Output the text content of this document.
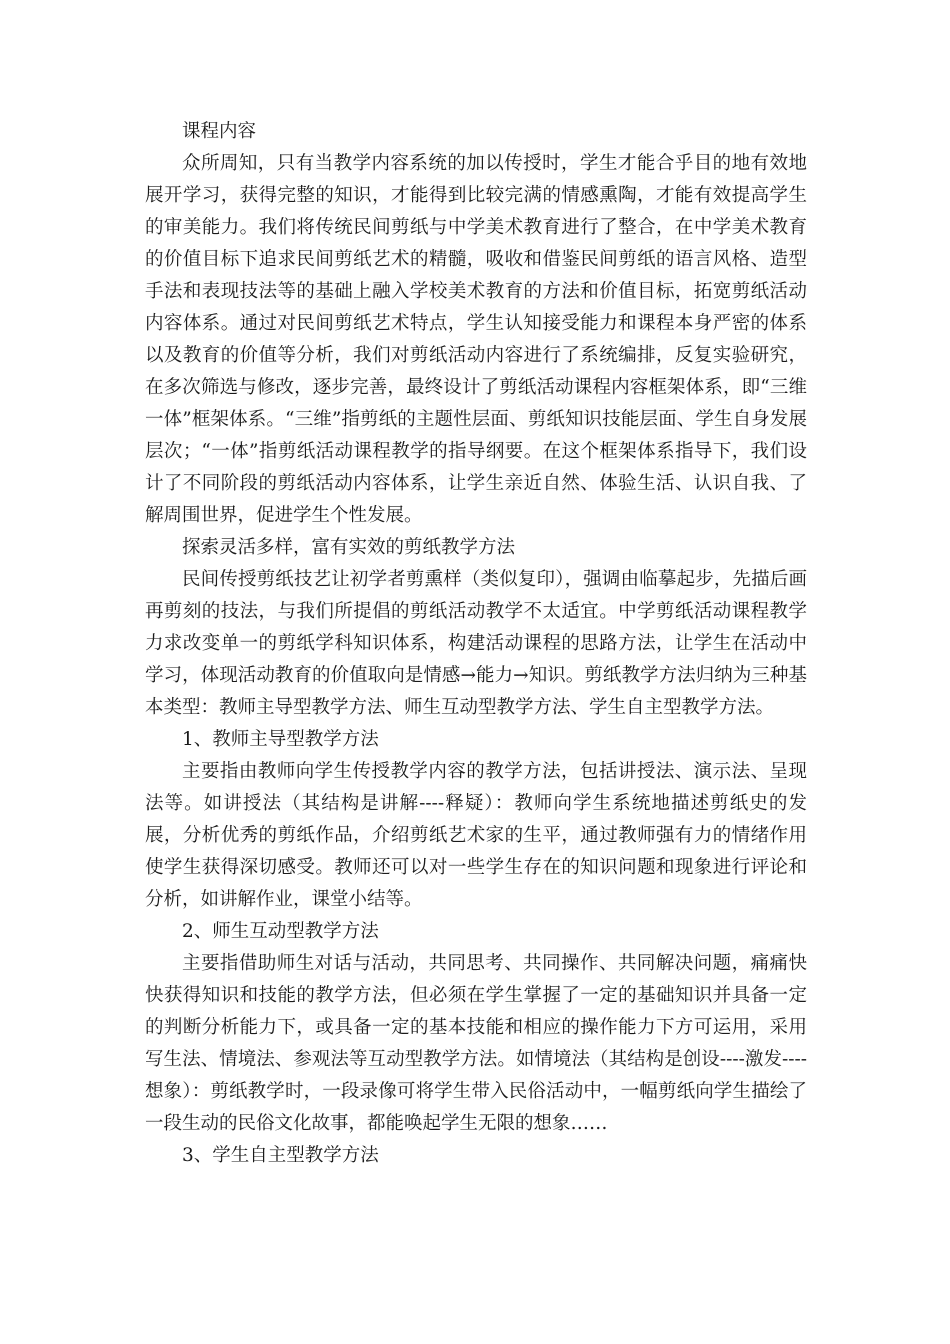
课程内容

众所周知，只有当教学内容系统的加以传授时，学生才能合乎目的地有效地展开学习，获得完整的知识，才能得到比较完满的情感熏陶，才能有效提高学生的审美能力。我们将传统民间剪纸与中学美术教育进行了整合，在中学美术教育的价值目标下追求民间剪纸艺术的精髓，吸收和借鉴民间剪纸的语言风格、造型手法和表现技法等的基础上融入学校美术教育的方法和价值目标，拓宽剪纸活动内容体系。通过对民间剪纸艺术特点，学生认知接受能力和课程本身严密的体系以及教育的价值等分析，我们对剪纸活动内容进行了系统编排，反复实验研究，在多次筛选与修改，逐步完善，最终设计了剪纸活动课程内容框架体系，即“三维一体”框架体系。“三维”指剪纸的主题性层面、剪纸知识技能层面、学生自身发展层次；“一体”指剪纸活动课程教学的指导纲要。在这个框架体系指导下，我们设计了不同阶段的剪纸活动内容体系，让学生亲近自然、体验生活、认识自我、了解周围世界，促进学生个性发展。

探索灵活多样，富有实效的剪纸教学方法

民间传授剪纸技艺让初学者剪熏样（类似复印），强调由临摹起步，先描后画再剪刻的技法，与我们所提倡的剪纸活动教学不太适宜。中学剪纸活动课程教学力求改变单一的剪纸学科知识体系，构建活动课程的思路方法，让学生在活动中学习，体现活动教育的价值取向是情感→能力→知识。剪纸教学方法归纳为三种基本类型：教师主导型教学方法、师生互动型教学方法、学生自主型教学方法。

1、教师主导型教学方法

主要指由教师向学生传授教学内容的教学方法，包括讲授法、演示法、呈现法等。如讲授法（其结构是讲解----释疑）：教师向学生系统地描述剪纸史的发展，分析优秀的剪纸作品，介绍剪纸艺术家的生平，通过教师强有力的情绪作用使学生获得深切感受。教师还可以对一些学生存在的知识问题和现象进行评论和分析，如讲解作业，课堂小结等。

2、师生互动型教学方法

主要指借助师生对话与活动，共同思考、共同操作、共同解决问题，痛痛快快获得知识和技能的教学方法，但必须在学生掌握了一定的基础知识并具备一定的判断分析能力下，或具备一定的基本技能和相应的操作能力下方可运用，采用写生法、情境法、参观法等互动型教学方法。如情境法（其结构是创设----激发----想象）：剪纸教学时，一段录像可将学生带入民俗活动中，一幅剪纸向学生描绘了一段生动的民俗文化故事，都能唤起学生无限的想象……

3、学生自主型教学方法
